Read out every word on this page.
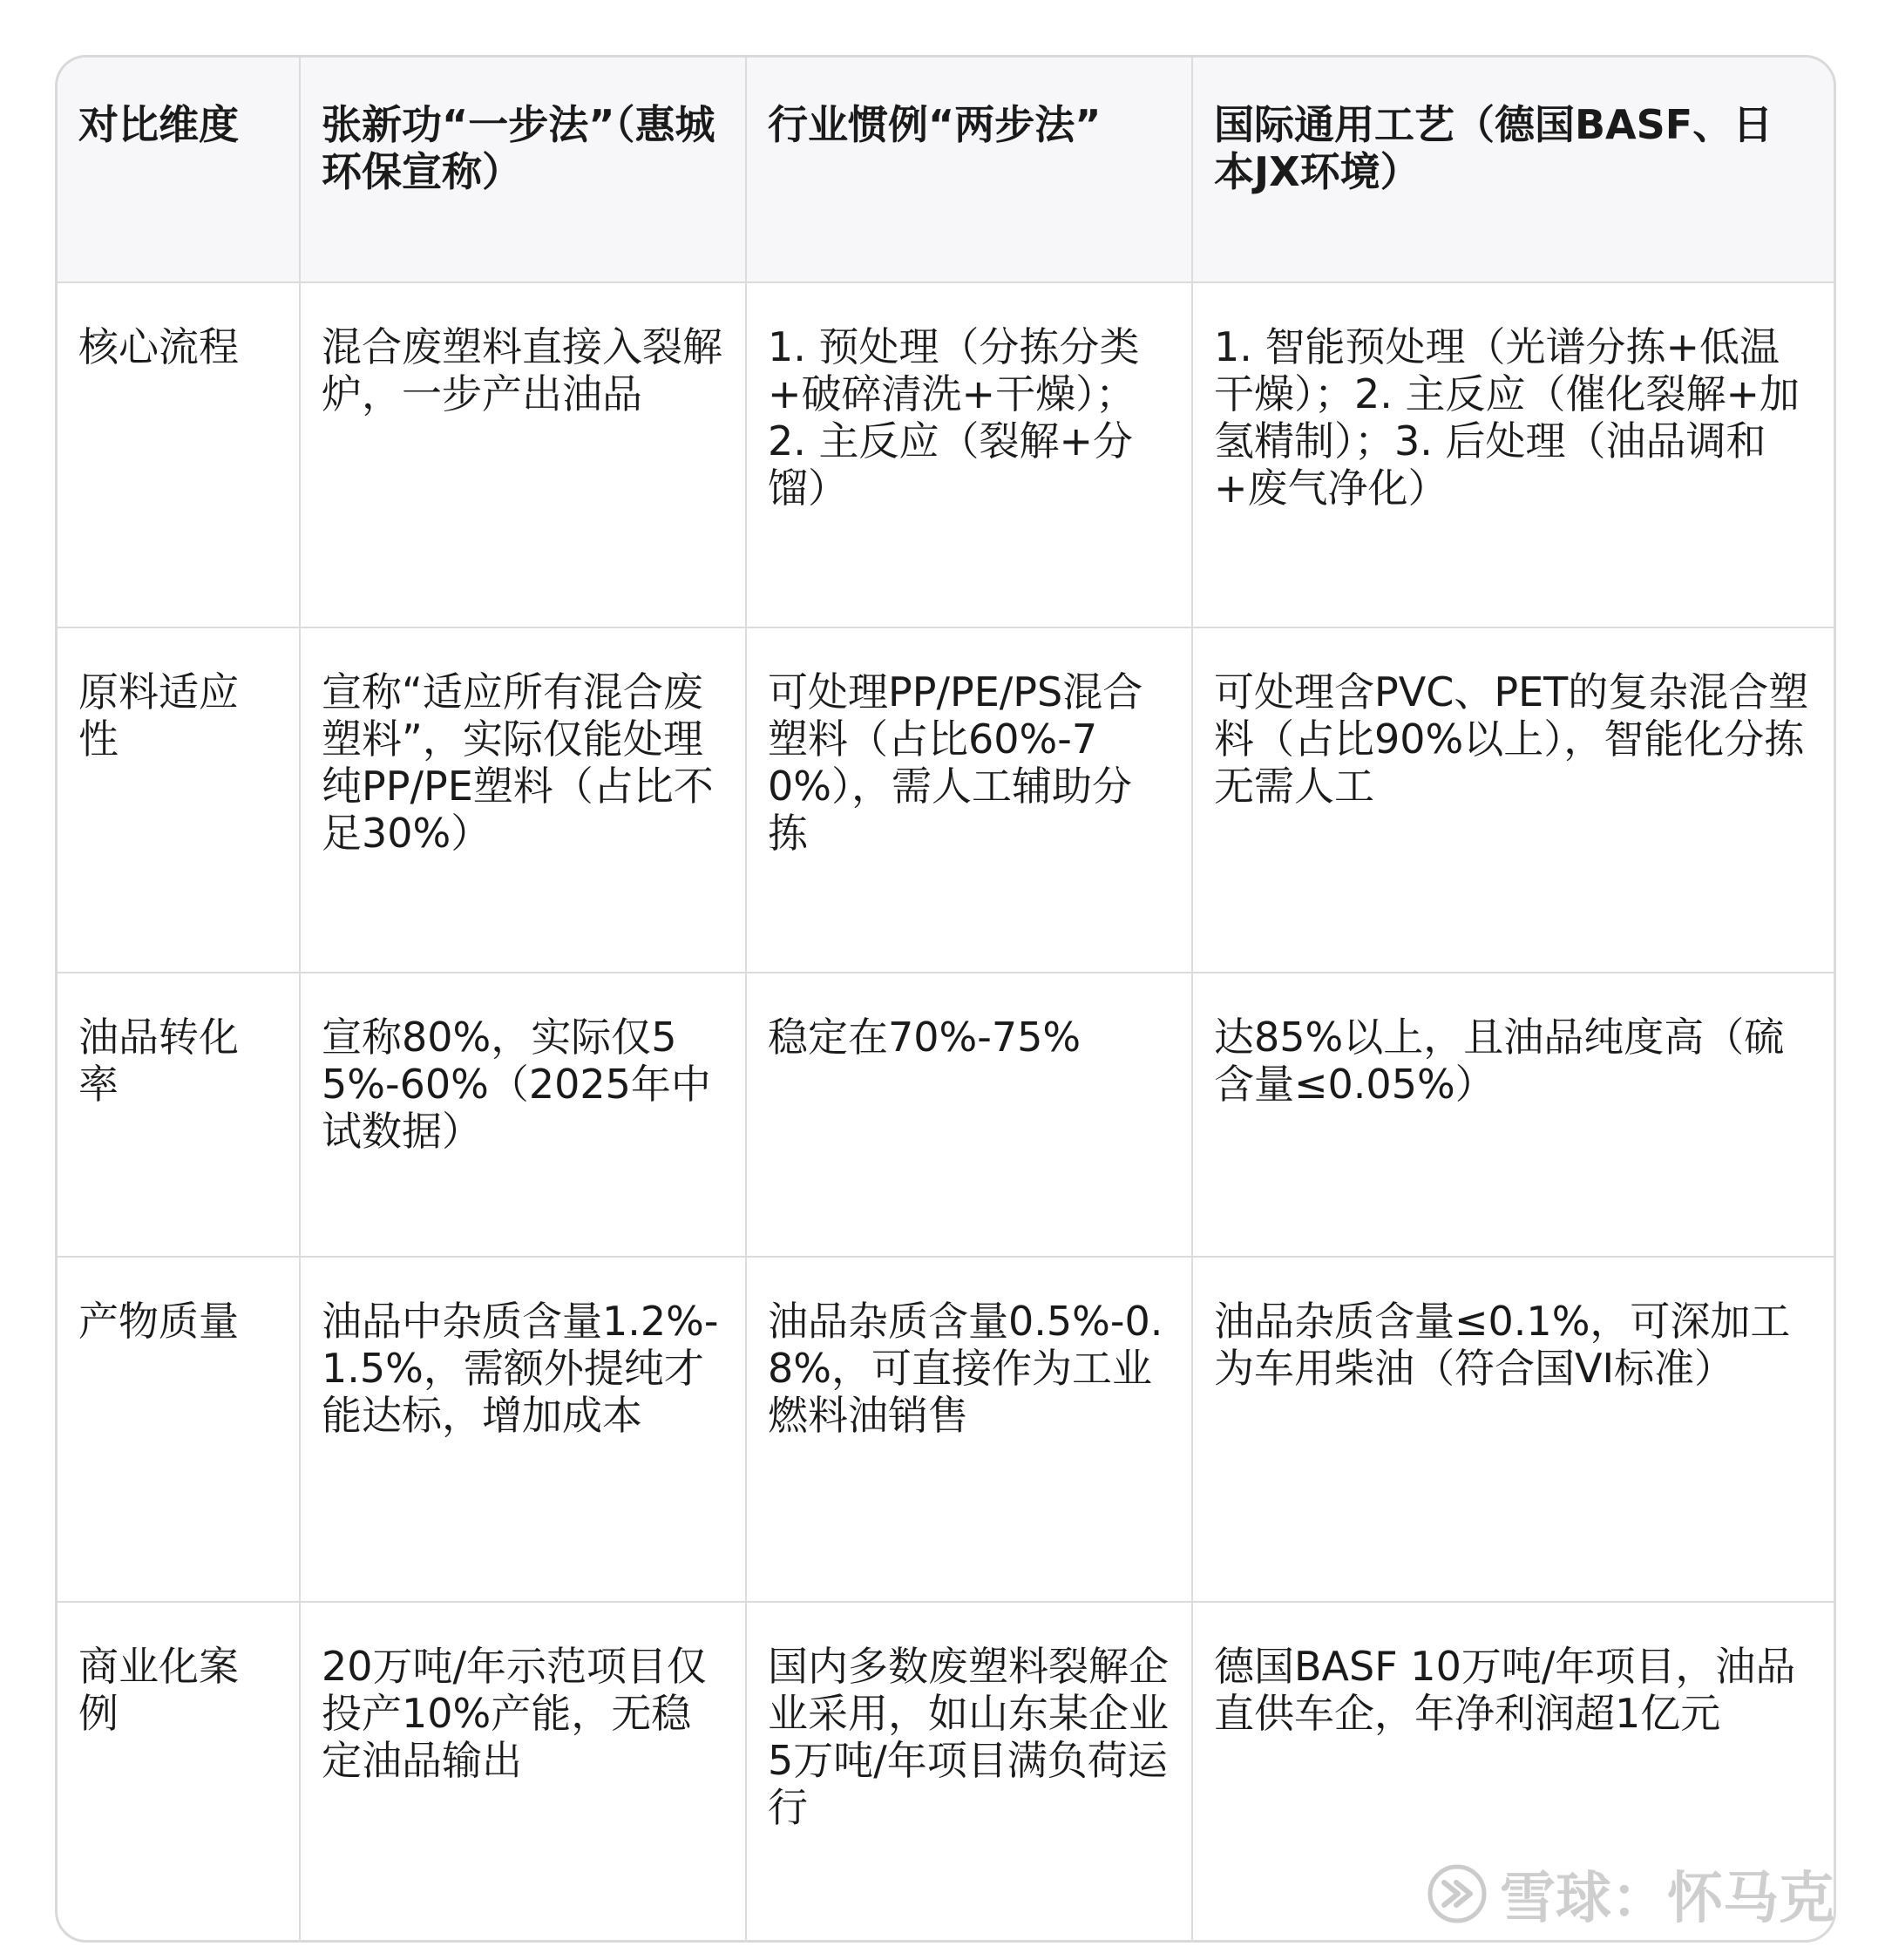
对比维度	张新功“一步法”（惠城环保宣称）	行业惯例“两步法”	国际通用工艺（德国BASF、日本JX环境）
核心流程	混合废塑料直接入裂解炉，一步产出油品	1. 预处理（分拣分类+破碎清洗+干燥）；2. 主反应（裂解+分馏）	1. 智能预处理（光谱分拣+低温干燥）；2. 主反应（催化裂解+加氢精制）；3. 后处理（油品调和+废气净化）
原料适应性	宣称“适应所有混合废塑料”，实际仅能处理纯PP/PE塑料（占比不足30%）	可处理PP/PE/PS混合塑料（占比60%-70%），需人工辅助分拣	可处理含PVC、PET的复杂混合塑料（占比90%以上），智能化分拣无需人工
油品转化率	宣称80%，实际仅55%-60%（2025年中试数据）	稳定在70%-75%	达85%以上，且油品纯度高（硫含量≤0.05%）
产物质量	油品中杂质含量1.2%-1.5%，需额外提纯才能达标，增加成本	油品杂质含量0.5%-0.8%，可直接作为工业燃料油销售	油品杂质含量≤0.1%，可深加工为车用柴油（符合国VI标准）
商业化案例	20万吨/年示范项目仅投产10%产能，无稳定油品输出	国内多数废塑料裂解企业采用，如山东某企业5万吨/年项目满负荷运行	德国BASF 10万吨/年项目，油品直供车企，年净利润超1亿元
雪球：怀马克
